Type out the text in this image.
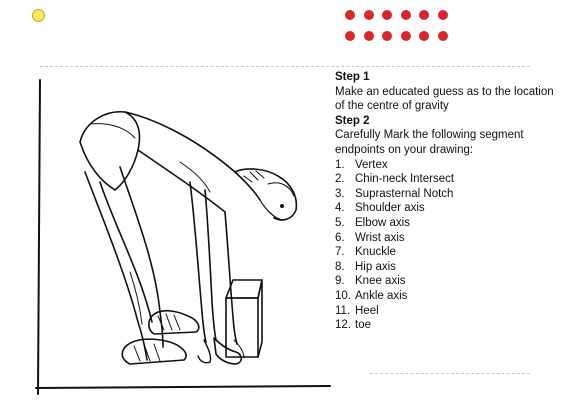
Step 1

Make an educated guess as to the location of the centre of gravity

Step 2

Carefully Mark the following segment endpoints on your drawing:

1. Vertex
2. Chin-neck Intersect
3. Suprasternal Notch
4. Shoulder axis
5. Elbow axis
6. Wrist axis
7. Knuckle
8. Hip axis
9. Knee axis
10. Ankle axis
11. Heel
12. toe
